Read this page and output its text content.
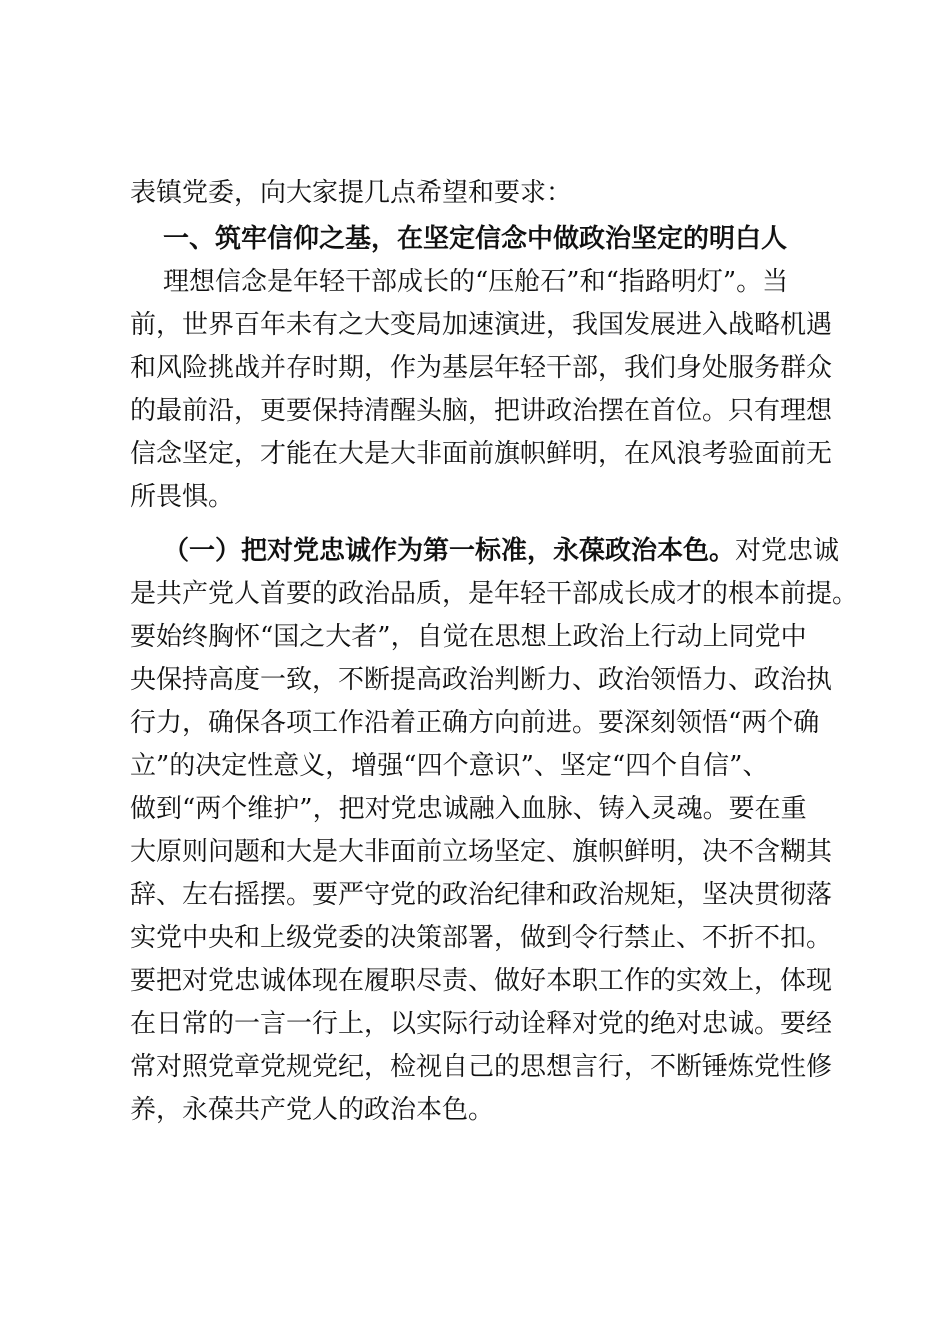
表镇党委，向大家提几点希望和要求：
一、筑牢信仰之基，在坚定信念中做政治坚定的明白人
理想信念是年轻干部成长的“压舱石”和“指路明灯”。当
前，世界百年未有之大变局加速演进，我国发展进入战略机遇
和风险挑战并存时期，作为基层年轻干部，我们身处服务群众
的最前沿，更要保持清醒头脑，把讲政治摆在首位。只有理想
信念坚定，才能在大是大非面前旗帜鲜明，在风浪考验面前无
所畏惧。
（一）把对党忠诚作为第一标准，永葆政治本色。对党忠诚
是共产党人首要的政治品质，是年轻干部成长成才的根本前提。
要始终胸怀“国之大者”，自觉在思想上政治上行动上同党中
央保持高度一致，不断提高政治判断力、政治领悟力、政治执
行力，确保各项工作沿着正确方向前进。要深刻领悟“两个确
立”的决定性意义，增强“四个意识”、坚定“四个自信”、
做到“两个维护”，把对党忠诚融入血脉、铸入灵魂。要在重
大原则问题和大是大非面前立场坚定、旗帜鲜明，决不含糊其
辞、左右摇摆。要严守党的政治纪律和政治规矩，坚决贯彻落
实党中央和上级党委的决策部署，做到令行禁止、不折不扣。
要把对党忠诚体现在履职尽责、做好本职工作的实效上，体现
在日常的一言一行上，以实际行动诠释对党的绝对忠诚。要经
常对照党章党规党纪，检视自己的思想言行，不断锤炼党性修
养，永葆共产党人的政治本色。
